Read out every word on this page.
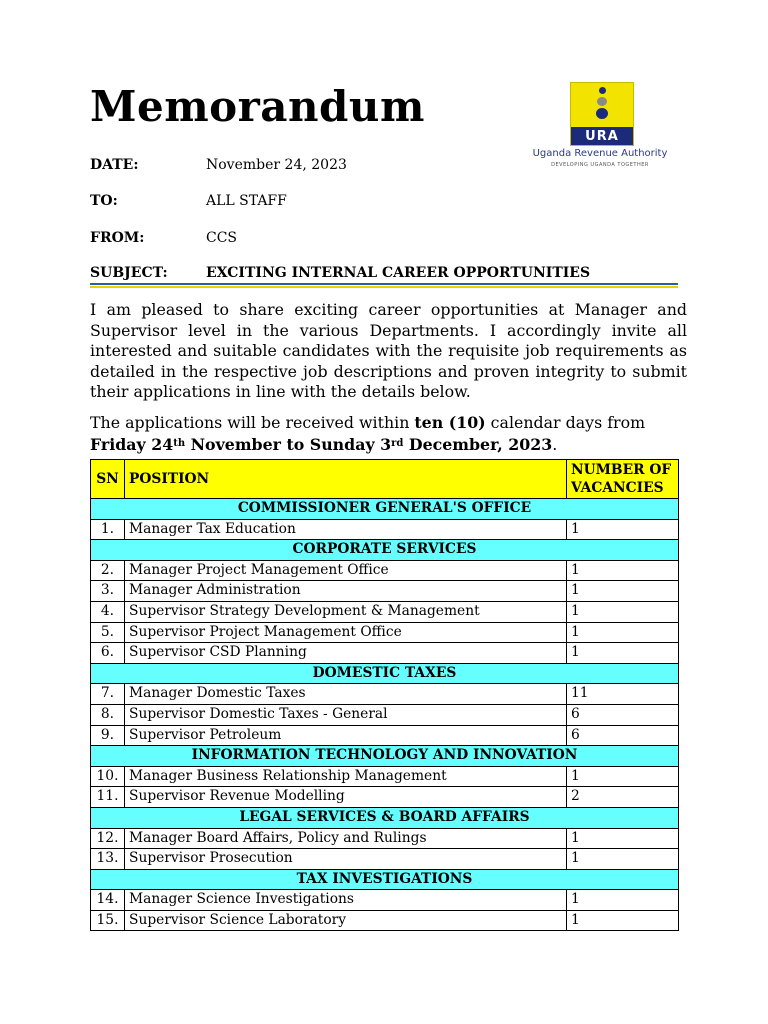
Memorandum
URA
Uganda Revenue Authority
DEVELOPING UGANDA TOGETHER
DATE:	November 24, 2023
TO:	ALL STAFF
FROM:	CCS
SUBJECT:	EXCITING INTERNAL CAREER OPPORTUNITIES

I am pleased to share exciting career opportunities at Manager and Supervisor level in the various Departments. I accordingly invite all interested and suitable candidates with the requisite job requirements as detailed in the respective job descriptions and proven integrity to submit their applications in line with the details below.

The applications will be received within ten (10) calendar days from Friday 24th November to Sunday 3rd December, 2023.

SN	POSITION	NUMBER OF VACANCIES
COMMISSIONER GENERAL'S OFFICE		
1.	Manager Tax Education	1
CORPORATE SERVICES		
2.	Manager Project Management Office	1
3.	Manager Administration	1
4.	Supervisor Strategy Development & Management	1
5.	Supervisor Project Management Office	1
6.	Supervisor CSD Planning	1
DOMESTIC TAXES		
7.	Manager Domestic Taxes	11
8.	Supervisor Domestic Taxes - General	6
9.	Supervisor Petroleum	6
INFORMATION TECHNOLOGY AND INNOVATION		
10.	Manager Business Relationship Management	1
11.	Supervisor Revenue Modelling	2
LEGAL SERVICES & BOARD AFFAIRS		
12.	Manager Board Affairs, Policy and Rulings	1
13.	Supervisor Prosecution	1
TAX INVESTIGATIONS		
14.	Manager Science Investigations	1
15.	Supervisor Science Laboratory	1
